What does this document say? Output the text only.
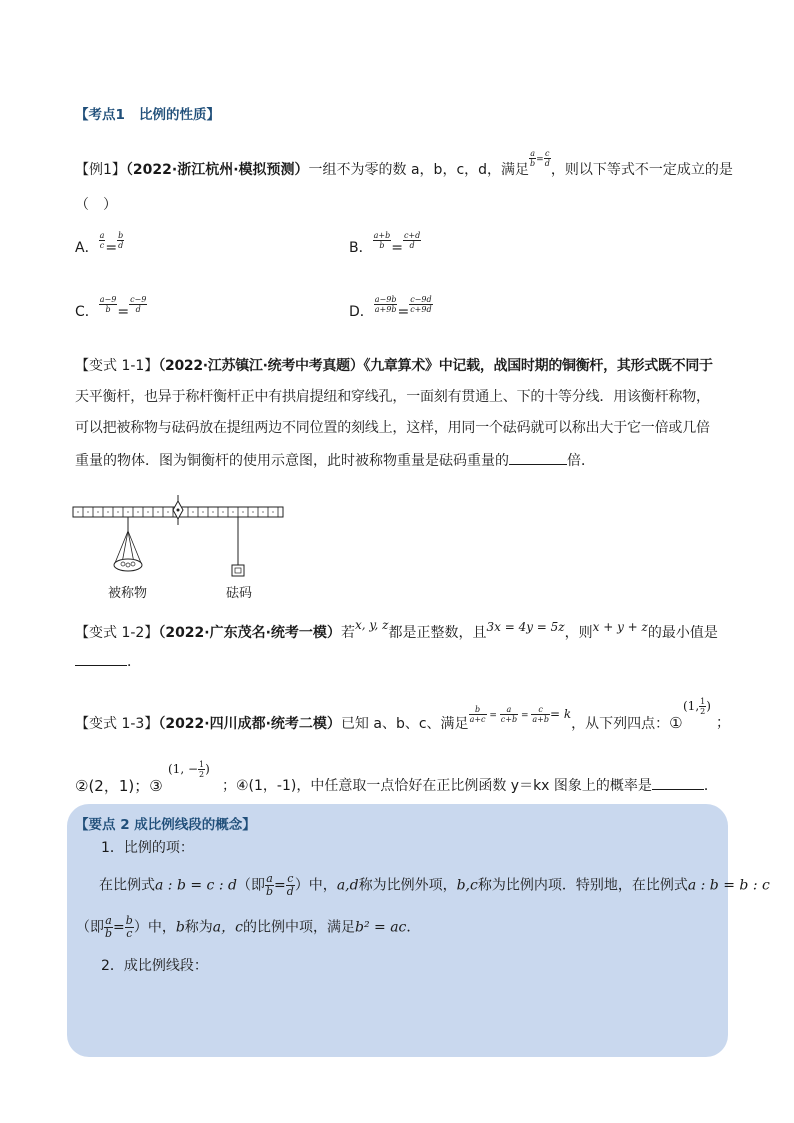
【考点1 比例的性质】
【例1】（2022·浙江杭州·模拟预测）一组不为零的数 a，b，c，d，满足
$\frac{a}{b} = \frac{c}{d}$
，则以下等式不一定成立的是
（　）
A． $\frac{a}{c} = \frac{b}{d}$	B． $\frac{a+b}{b} = \frac{c+d}{d}$
C． $\frac{a-9}{b} = \frac{c-9}{d}$	D． $\frac{a-9b}{a+9b} = \frac{c-9d}{c+9d}$
【变式 1-1】（2022·江苏镇江·统考中考真题）《九章算术》中记载，战国时期的铜衡杆，其形式既不同于
天平衡杆，也异于称杆衡杆正中有拱肩提纽和穿线孔，一面刻有贯通上、下的十等分线．用该衡杆称物，
可以把被称物与砝码放在提纽两边不同位置的刻线上，这样，用同一个砝码就可以称出大于它一倍或几倍
重量的物体．图为铜衡杆的使用示意图，此时被称物重量是砝码重量的	倍．
被称物	砝码
【变式 1-2】（2022·广东茂名·统考一模）若x, y, z都是正整数，且3x = 4y = 5z，则x + y + z的最小值是
．
【变式 1-3】（2022·四川成都·统考二模）已知 a、b、c、满足
$\frac{b}{a+c} = \frac{a}{c+b} = \frac{c}{a+b} = k$，从下列四点：①
(1, $\frac{1}{2}$ )
；
②(2，1)；③
(1, − $\frac{1}{2}$ )
；④(1，-1)，中任意取一点恰好在正比例函数 y＝kx 图象上的概率是	．
【要点 2 成比例线段的概念】
1．比例的项：
在比例式a : b = c : d（即 $\frac{a}{b} = \frac{c}{d}$ ）中，a,d称为比例外项，b,c称为比例内项．特别地，在比例式a : b = b : c
（即 $\frac{a}{b} = \frac{b}{c}$ ）中，b称为a，c的比例中项，满足b² = ac．
2．成比例线段：
